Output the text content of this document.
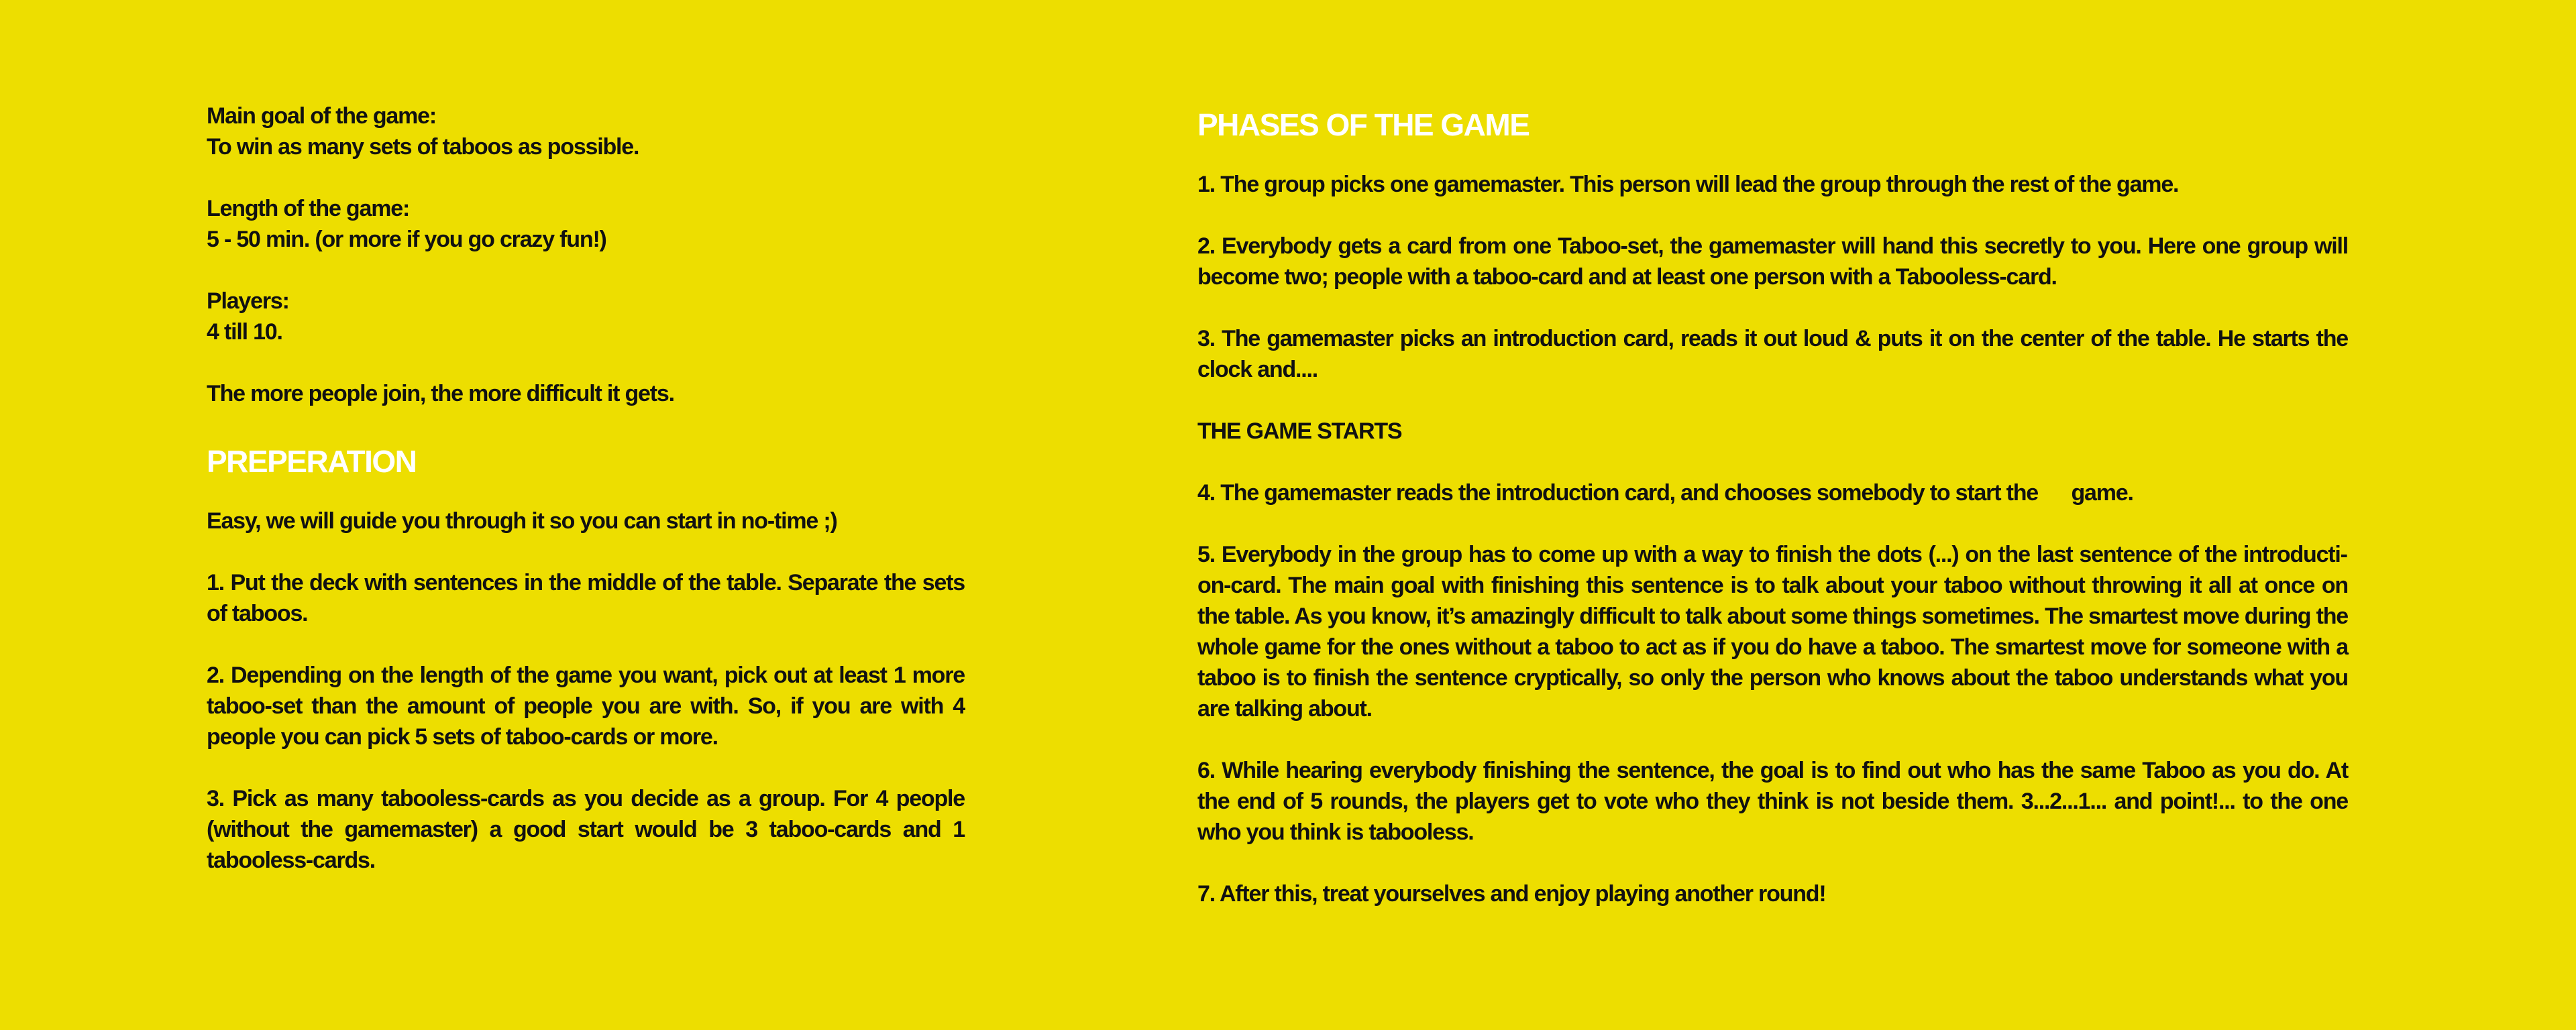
Main goal of the game:

To win as many sets of taboos as possible.

Length of the game:

5 - 50 min. (or more if you go crazy fun!)

Players:

4 till 10.

The more people join, the more difficult it gets.

PREPERATION

Easy, we will guide you through it so you can start in no-time ;)

1. Put the deck with sentences in the middle of the table. Separate the sets of taboos.

2. Depending on the length of the game you want, pick out at least 1 more taboo-set than the amount of people you are with. So, if you are with 4 people you can pick 5 sets of taboo-cards or more.

3. Pick as many tabooless-cards as you decide as a group. For 4 people (without the gamemaster) a good start would be 3 taboo-cards and 1 tabooless-cards.

PHASES OF THE GAME

1. The group picks one gamemaster. This person will lead the group through the rest of the game.

2. Everybody gets a card from one Taboo-set, the gamemaster will hand this secretly to you. Here one group will become two; people with a taboo-card and at least one person with a Tabooless-card.

3. The gamemaster picks an introduction card, reads it out loud & puts it on the center of the table. He starts the clock and....

THE GAME STARTS

4. The gamemaster reads the introduction card, and chooses somebody to start the      game.

5. Everybody in the group has to come up with a way to finish the dots (...) on the last sentence of the introduction-card. The main goal with finishing this sentence is to talk about your taboo without throwing it all at once on the table. As you know, it’s amazingly difficult to talk about some things sometimes. The smartest move during the whole game for the ones without a taboo to act as if you do have a taboo. The smartest move for someone with a taboo is to finish the sentence cryptically, so only the person who knows about the taboo understands what you are talking about.

6. While hearing everybody finishing the sentence, the goal is to find out who has the same Taboo as you do. At the end of 5 rounds, the players get to vote who they think is not beside them. 3...2...1... and point!... to the one who you think is tabooless.

7. After this, treat yourselves and enjoy playing another round!
